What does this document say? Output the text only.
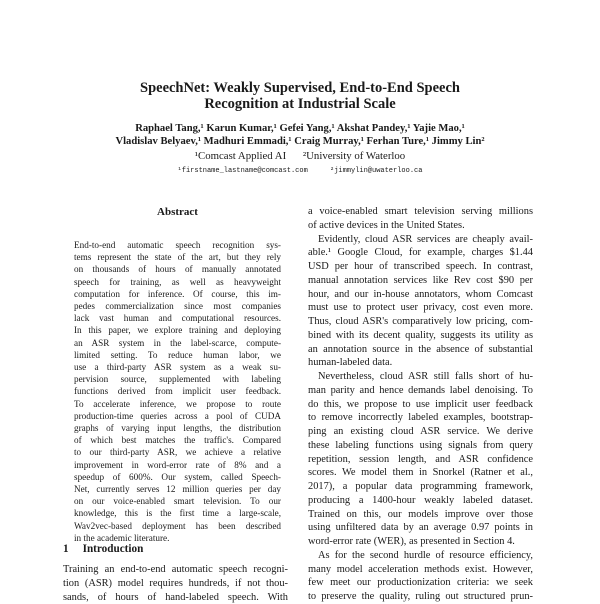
SpeechNet: Weakly Supervised, End-to-End Speech
Recognition at Industrial Scale
Raphael Tang,¹ Karun Kumar,¹ Gefei Yang,¹ Akshat Pandey,¹ Yajie Mao,¹
Vladislav Belyaev,¹ Madhuri Emmadi,¹ Craig Murray,¹ Ferhan Ture,¹ Jimmy Lin²
¹Comcast Applied AI ²University of Waterloo
¹firstname_lastname@comcast.com	²jimmylin@uwaterloo.ca
Abstract
End-to-end automatic speech recognition sys-
tems represent the state of the art, but they rely
on thousands of hours of manually annotated
speech for training, as well as heavyweight
computation for inference. Of course, this im-
pedes commercialization since most companies
lack vast human and computational resources.
In this paper, we explore training and deploying
an ASR system in the label-scarce, compute-
limited setting. To reduce human labor, we
use a third-party ASR system as a weak su-
pervision source, supplemented with labeling
functions derived from implicit user feedback.
To accelerate inference, we propose to route
production-time queries across a pool of CUDA
graphs of varying input lengths, the distribution
of which best matches the traffic's. Compared
to our third-party ASR, we achieve a relative
improvement in word-error rate of 8% and a
speedup of 600%. Our system, called Speech-
Net, currently serves 12 million queries per day
on our voice-enabled smart television. To our
knowledge, this is the first time a large-scale,
Wav2vec-based deployment has been described
in the academic literature.
1 Introduction
Training an end-to-end automatic speech recogni-
tion (ASR) model requires hundreds, if not thou-
sands, of hours of hand-labeled speech. With
a voice-enabled smart television serving millions
of active devices in the United States.
Evidently, cloud ASR services are cheaply avail-
able.¹ Google Cloud, for example, charges $1.44
USD per hour of transcribed speech. In contrast,
manual annotation services like Rev cost $90 per
hour, and our in-house annotators, whom Comcast
must use to protect user privacy, cost even more.
Thus, cloud ASR's comparatively low pricing, com-
bined with its decent quality, suggests its utility as
an annotation source in the absence of substantial
human-labeled data.
Nevertheless, cloud ASR still falls short of hu-
man parity and hence demands label denoising. To
do this, we propose to use implicit user feedback
to remove incorrectly labeled examples, bootstrap-
ping an existing cloud ASR service. We derive
these labeling functions using signals from query
repetition, session length, and ASR confidence
scores. We model them in Snorkel (Ratner et al.,
2017), a popular data programming framework,
producing a 1400-hour weakly labeled dataset.
Trained on this, our models improve over those
using unfiltered data by an average 0.97 points in
word-error rate (WER), as presented in Section 4.
As for the second hurdle of resource efficiency,
many model acceleration methods exist. However,
few meet our productionization criteria: we seek
to preserve the quality, ruling out structured prun-
